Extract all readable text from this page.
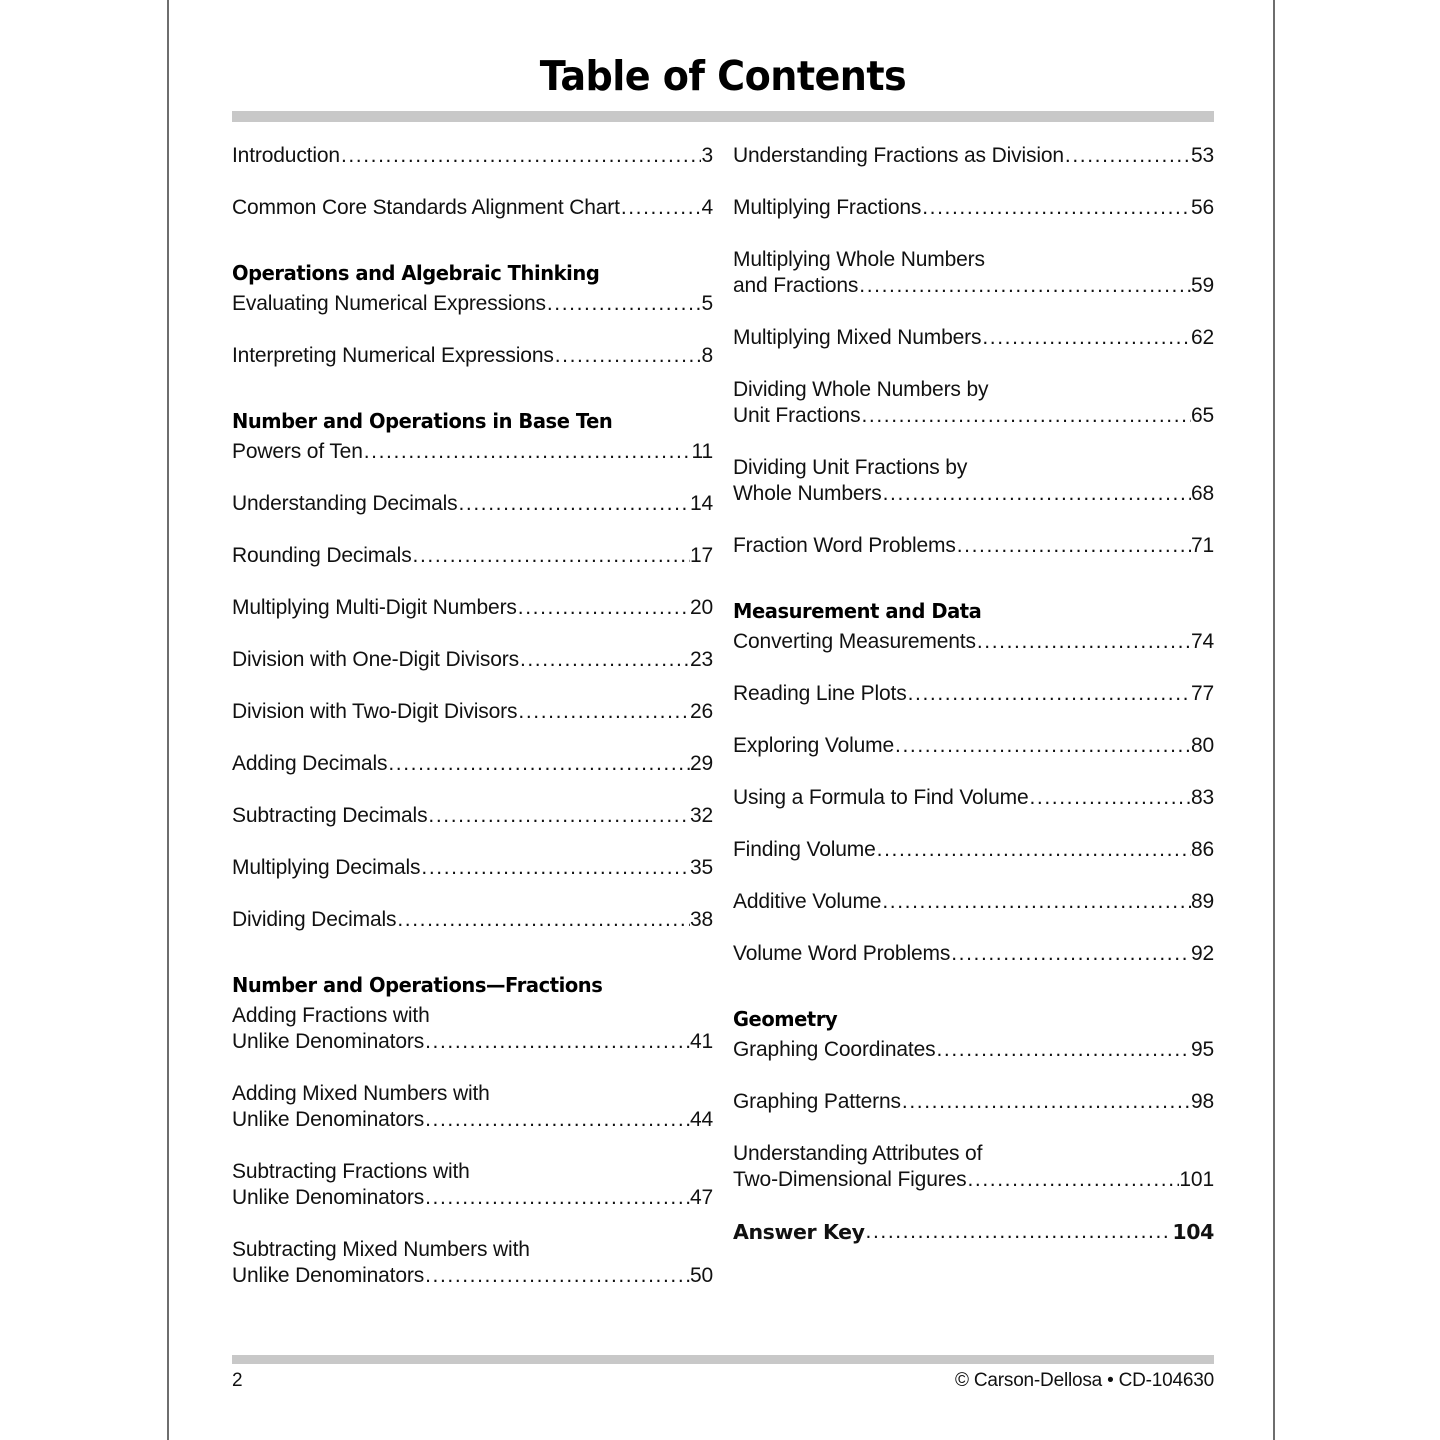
Table of Contents
Introduction .....	3
Common Core Standards Alignment Chart .....	4
Operations and Algebraic Thinking
Evaluating Numerical Expressions .....	5
Interpreting Numerical Expressions .....	8
Number and Operations in Base Ten
Powers of Ten .....	11
Understanding Decimals .....	14
Rounding Decimals .....	17
Multiplying Multi-Digit Numbers .....	20
Division with One-Digit Divisors .....	23
Division with Two-Digit Divisors .....	26
Adding Decimals .....	29
Subtracting Decimals .....	32
Multiplying Decimals .....	35
Dividing Decimals .....	38
Number and Operations—Fractions
Adding Fractions with
Unlike Denominators .....	41
Adding Mixed Numbers with
Unlike Denominators .....	44
Subtracting Fractions with
Unlike Denominators .....	47
Subtracting Mixed Numbers with
Unlike Denominators .....	50
Understanding Fractions as Division .....	53
Multiplying Fractions .....	56
Multiplying Whole Numbers
and Fractions .....	59
Multiplying Mixed Numbers .....	62
Dividing Whole Numbers by
Unit Fractions .....	65
Dividing Unit Fractions by
Whole Numbers .....	68
Fraction Word Problems .....	71
Measurement and Data
Converting Measurements .....	74
Reading Line Plots .....	77
Exploring Volume .....	80
Using a Formula to Find Volume .....	83
Finding Volume .....	86
Additive Volume .....	89
Volume Word Problems .....	92
Geometry
Graphing Coordinates .....	95
Graphing Patterns .....	98
Understanding Attributes of
Two-Dimensional Figures .....	101
Answer Key .....	104
2	© Carson-Dellosa • CD-104630
